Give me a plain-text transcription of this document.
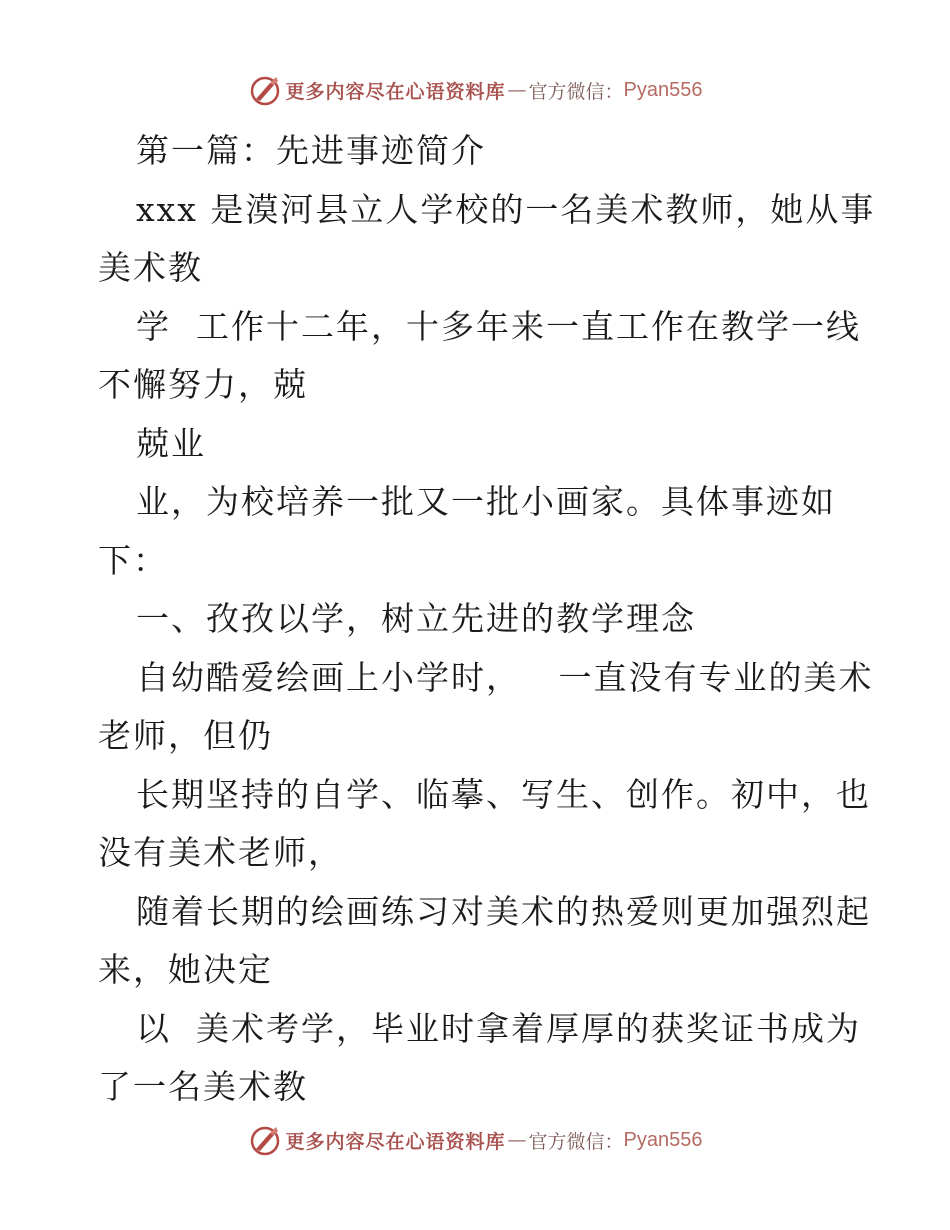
更多内容尽在心语资料库 — 官方微信： Pyan556
第一篇：先进事迹简介
xxx 是漠河县立人学校的一名美术教师，她从事
美术教
学  工作十二年，十多年来一直工作在教学一线
不懈努力，兢
兢业
业，为校培养一批又一批小画家。具体事迹如
下：
一、孜孜以学，树立先进的教学理念
自幼酷爱绘画上小学时，   一直没有专业的美术
老师，但仍
长期坚持的自学、临摹、写生、创作。初中，也
没有美术老师，
随着长期的绘画练习对美术的热爱则更加强烈起
来，她决定
以  美术考学，毕业时拿着厚厚的获奖证书成为
了一名美术教
更多内容尽在心语资料库 — 官方微信： Pyan556
